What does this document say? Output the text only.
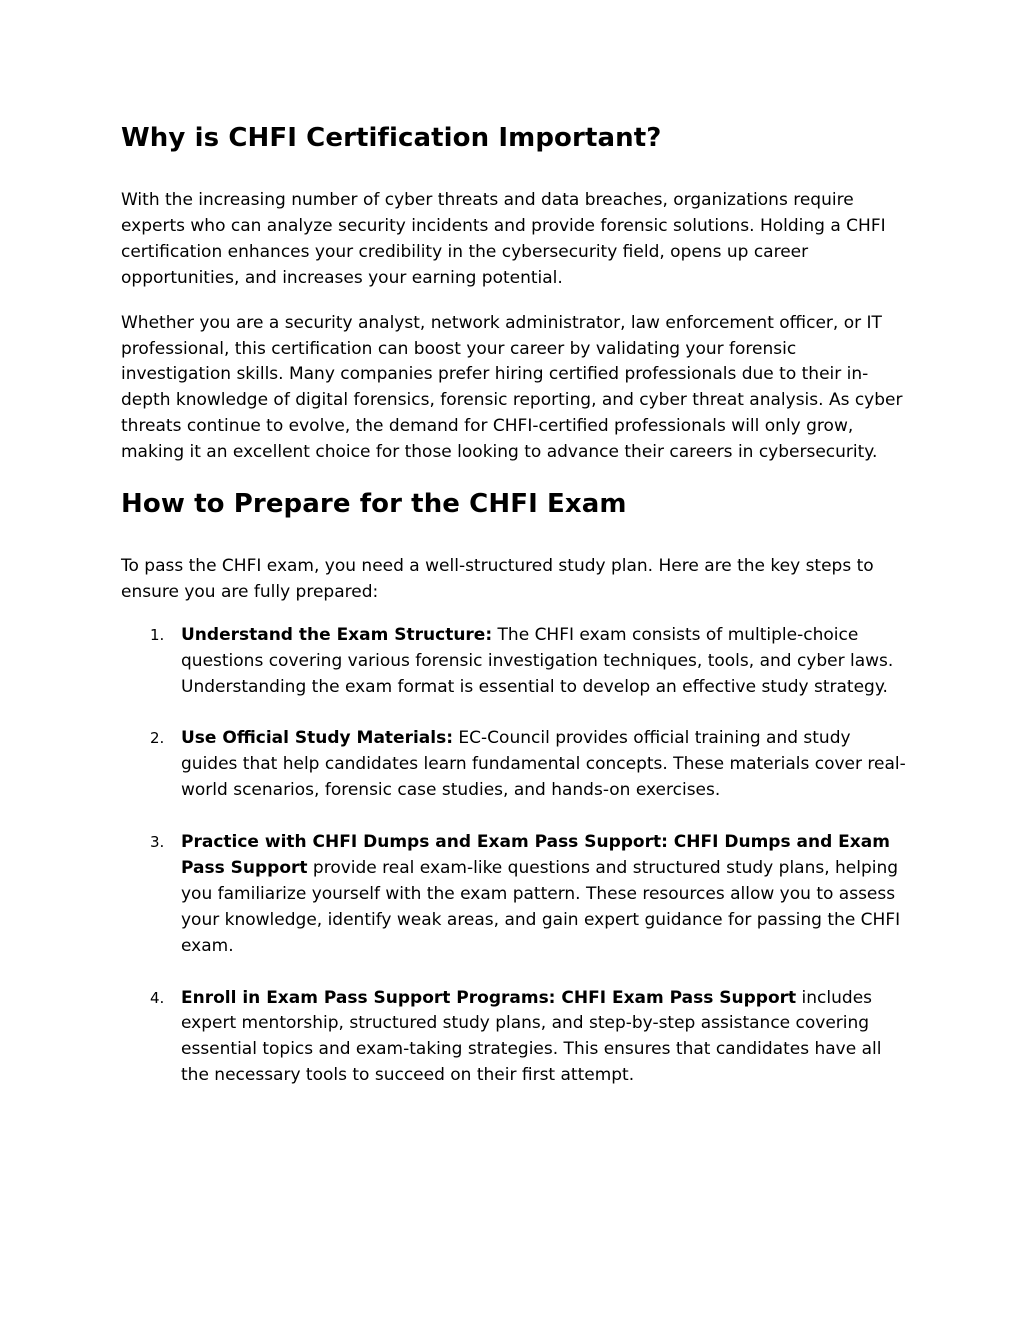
Why is CHFI Certification Important?

With the increasing number of cyber threats and data breaches, organizations require experts who can analyze security incidents and provide forensic solutions. Holding a CHFI certification enhances your credibility in the cybersecurity field, opens up career opportunities, and increases your earning potential.

Whether you are a security analyst, network administrator, law enforcement officer, or IT professional, this certification can boost your career by validating your forensic investigation skills. Many companies prefer hiring certified professionals due to their in-depth knowledge of digital forensics, forensic reporting, and cyber threat analysis. As cyber threats continue to evolve, the demand for CHFI-certified professionals will only grow, making it an excellent choice for those looking to advance their careers in cybersecurity.

How to Prepare for the CHFI Exam

To pass the CHFI exam, you need a well-structured study plan. Here are the key steps to ensure you are fully prepared:

1. Understand the Exam Structure: The CHFI exam consists of multiple-choice questions covering various forensic investigation techniques, tools, and cyber laws. Understanding the exam format is essential to develop an effective study strategy.
2. Use Official Study Materials: EC-Council provides official training and study guides that help candidates learn fundamental concepts. These materials cover real-world scenarios, forensic case studies, and hands-on exercises.
3. Practice with CHFI Dumps and Exam Pass Support: CHFI Dumps and Exam Pass Support provide real exam-like questions and structured study plans, helping you familiarize yourself with the exam pattern. These resources allow you to assess your knowledge, identify weak areas, and gain expert guidance for passing the CHFI exam.
4. Enroll in Exam Pass Support Programs: CHFI Exam Pass Support includes expert mentorship, structured study plans, and step-by-step assistance covering essential topics and exam-taking strategies. This ensures that candidates have all the necessary tools to succeed on their first attempt.
